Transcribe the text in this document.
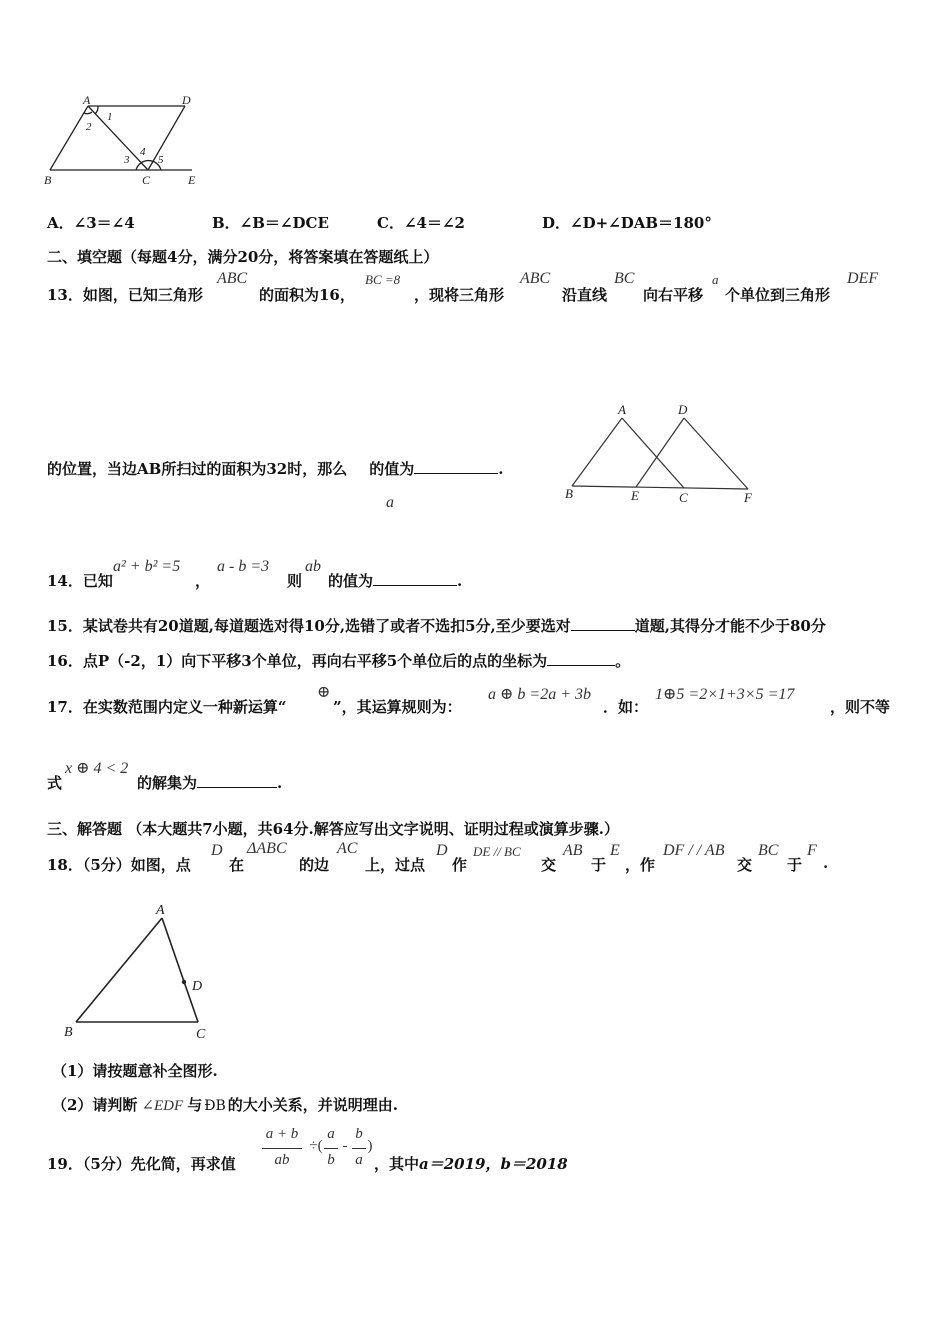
A	D
B	C	E
1
2
3
4
5
A．∠3＝∠4	B．∠B＝∠DCE	C．∠4＝∠2	D．∠D+∠DAB＝180°
二、填空题（每题4分，满分20分，将答案填在答题纸上）
13．如图，已知三角形
ABC
的面积为16，
BC =8
，现将三角形
ABC
沿直线
BC
向右平移
a
个单位到三角形
DEF
的位置，当边AB所扫过的面积为32时，那么 的值为	.
a
A	D
B	E	C	F
14．已知
a² + b² =5
，
a - b =3
则
ab
的值为	.
15．某试卷共有20道题,每道题选对得10分,选错了或者不选扣5分,至少要选对	道题,其得分才能不少于80分
16．点P（-2，1）向下平移3个单位，再向右平移5个单位后的点的坐标为	。
17．在实数范围内定义一种新运算“
⊕
”，其运算规则为：
a ⊕ b =2a + 3b
．如：
1⊕5 =2×1+3×5 =17
，则不等
式
x ⊕ 4 < 2
的解集为	.
三、解答题 （本大题共7小题，共64分.解答应写出文字说明、证明过程或演算步骤.）
18．（5分）如图，点
D
在
ΔABC
的边
AC
上，过点
D
作
DE // BC
交
AB
于
E
，作
DF / / AB
交
BC
于
F
.
A
B	C
D
（1）请按题意补全图形.
（2）请判断 ∠EDF 与 ÐB 的大小关系，并说明理由.
19．（5分）先化简，再求值
a + b
ab
÷(
a
b
-
b
a
)
，其中a＝2019，b＝2018
